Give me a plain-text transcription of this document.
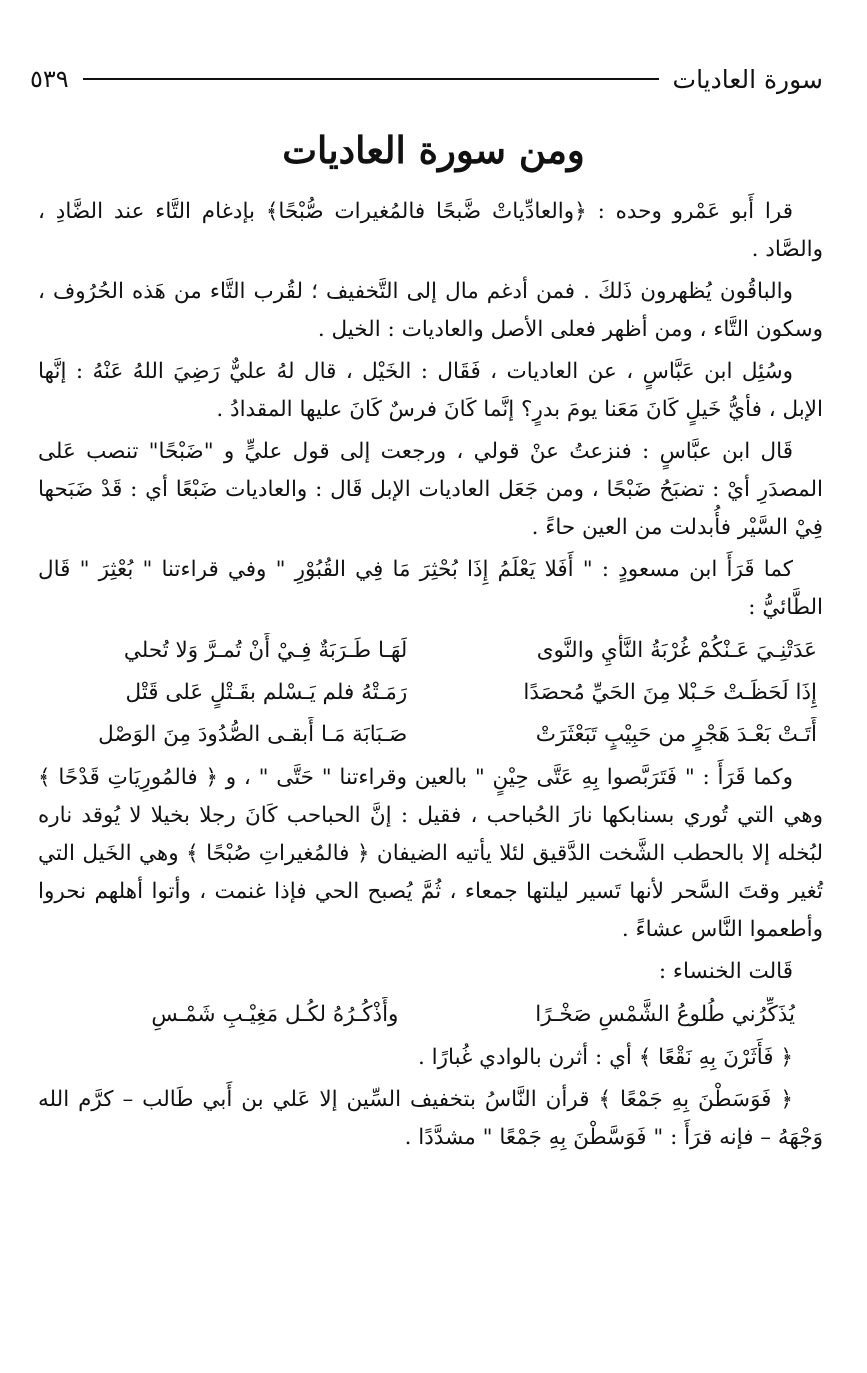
سورة العاديات
٥٣٩
ومن سورة العاديات

قرا أَبو عَمْرو وحده : ﴿والعادِّياتْ ضَّبحًا فالمُغيرات صُّبْحًا﴾ بإدغام التَّاء عند الضَّادِ ، والصَّاد .

والباقُون يُظهرون ذَلكَ . فمن أدغم مال إلى التَّخفيف ؛ لقُرب التَّاء من هَذه الحُرُوف ، وسكون التَّاء ، ومن أظهر فعلى الأصل والعاديات : الخيل .

وسُئِل ابن عَبَّاسٍ ، عن العاديات ، فَقَال : الخَيْل ، قال لهُ عليٌّ رَضِيَ اللهُ عَنْهُ : إنَّها الإبل ، فأيُّ خَيلٍ كَانَ مَعَنا يومَ بدرٍ؟ إنَّما كَانَ فرسٌ كَانَ عليها المقدادُ .

قَال ابن عبَّاسٍ : فنزعتُ عنْ قولي ، ورجعت إلى قول عليٍّ و "ضَبْحًا" تنصب عَلى المصدَرِ أيْ : تضبَحُ ضَبْحًا ، ومن جَعَل العاديات الإبل قَال : والعاديات ضَبْعًا أي : قَدْ ضَبَحها فِيْ السَّيْر فأُبدلت من العين حاءً .

كما قَرَأَ ابن مسعودٍ : " أَفَلا يَعْلَمُ إِذَا بُحْثِرَ مَا فِي القُبُوْرِ " وفي قراءتنا " بُعْثِرَ " قَال الطَّائيُّ :

عَدَتْنِـيَ عَـنْكُمْ غُرْبَةُ النَّأْيِ والنَّوى
لَهَـا طَـرَبَةٌ فِـيْ أَنْ تُمـرَّ وَلا تُحلي
إِذَا لَحَظَـتْ حَـبْلا مِنَ الحَيِّ مُحصَدًا
رَمَـتْهُ فلم يَـسْلم بقَـتْلٍ عَلى قَتْل
أَتَـتْ بَعْـدَ هَجْرٍ من حَبِيْبٍ تَبَعْثَرَتْ
صَـبَابَة مَـا أَبقـى الصُّدُودَ مِنَ الوَصْل

وكما قَرَأَ : " فَتَرَبَّصوا بِهِ عَتَّى حِيْنٍ " بالعين وقراءتنا " حَتَّى " ، و ﴿ فالمُورِيَاتِ قَدْحًا ﴾ وهي التي تُوري بسنابكها نارَ الحُباحب ، فقيل : إنَّ الحباحب كَانَ رجلا بخيلا لا يُوقد ناره لبُخله إلا بالحطب الشَّخت الدَّقيق لئلا يأتيه الضيفان ﴿ فالمُغيراتِ صُبْحًا ﴾ وهي الخَيل التي تُغير وقتَ السَّحر لأنها تَسير ليلتها جمعاء ، ثُمَّ يُصبح الحي فإذا غنمت ، وأتوا أهلهم نحروا وأطعموا النَّاس عشاءً .

قَالت الخنساء :

يُذَكِّرُني طُلوعُ الشَّمْسِ صَخْـرًا
وأَذْكُـرُهُ لكُـل مَغِيْـبِ شَمْـسِ

﴿ فَأَثَرْنَ بِهِ نَقْعًا ﴾ أي : أثرن بالوادي غُبارًا .

﴿ فَوَسَطْنَ بِهِ جَمْعًا ﴾ قرأن النَّاسُ بتخفيف السِّين إلا عَلي بن أَبي طَالب – كرَّم الله وَجْهَهُ – فإنه قرَأَ : " فَوَسَّطْنَ بِهِ جَمْعًا " مشدَّدًا .
